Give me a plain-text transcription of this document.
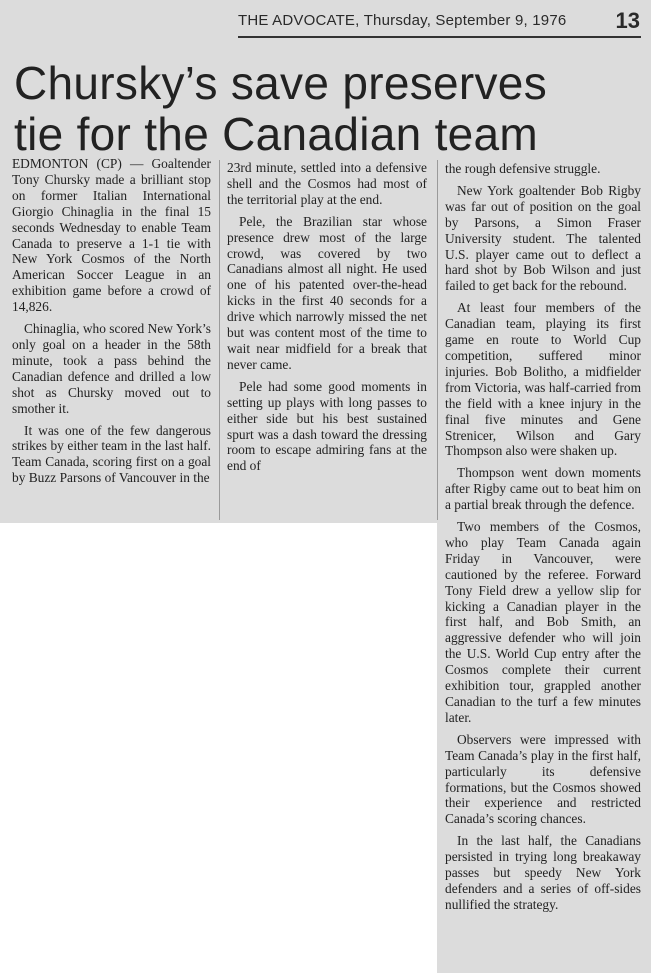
THE ADVOCATE, Thursday, September 9, 1976 13
Chursky’s save preserves
tie for the Canadian team

EDMONTON (CP) — Goaltender Tony Chursky made a brilliant stop on former Italian International Giorgio Chinaglia in the final 15 seconds Wednesday to enable Team Canada to preserve a 1-1 tie with New York Cosmos of the North American Soccer League in an exhibition game before a crowd of 14,826.

Chinaglia, who scored New York’s only goal on a header in the 58th minute, took a pass behind the Canadian defence and drilled a low shot as Chursky moved out to smother it.

It was one of the few dangerous strikes by either team in the last half. Team Canada, scoring first on a goal by Buzz Parsons of Vancouver in the

23rd minute, settled into a defensive shell and the Cosmos had most of the territorial play at the end.

Pele, the Brazilian star whose presence drew most of the large crowd, was covered by two Canadians almost all night. He used one of his patented over-the-head kicks in the first 40 seconds for a drive which narrowly missed the net but was content most of the time to wait near midfield for a break that never came.

Pele had some good moments in setting up plays with long passes to either side but his best sustained spurt was a dash toward the dressing room to escape admiring fans at the end of

the rough defensive struggle.

New York goaltender Bob Rigby was far out of position on the goal by Parsons, a Simon Fraser University student. The talented U.S. player came out to deflect a hard shot by Bob Wilson and just failed to get back for the rebound.

At least four members of the Canadian team, playing its first game en route to World Cup competition, suffered minor injuries. Bob Bolitho, a midfielder from Victoria, was half-carried from the field with a knee injury in the final five minutes and Gene Strenicer, Wilson and Gary Thompson also were shaken up.

Thompson went down moments after Rigby came out to beat him on a partial break through the defence.

Two members of the Cosmos, who play Team Canada again Friday in Vancouver, were cautioned by the referee. Forward Tony Field drew a yellow slip for kicking a Canadian player in the first half, and Bob Smith, an aggressive defender who will join the U.S. World Cup entry after the Cosmos complete their current exhibition tour, grappled another Canadian to the turf a few minutes later.

Observers were impressed with Team Canada’s play in the first half, particularly its defensive formations, but the Cosmos showed their experience and restricted Canada’s scoring chances.

In the last half, the Canadians persisted in trying long breakaway passes but speedy New York defenders and a series of off-sides nullified the strategy.
